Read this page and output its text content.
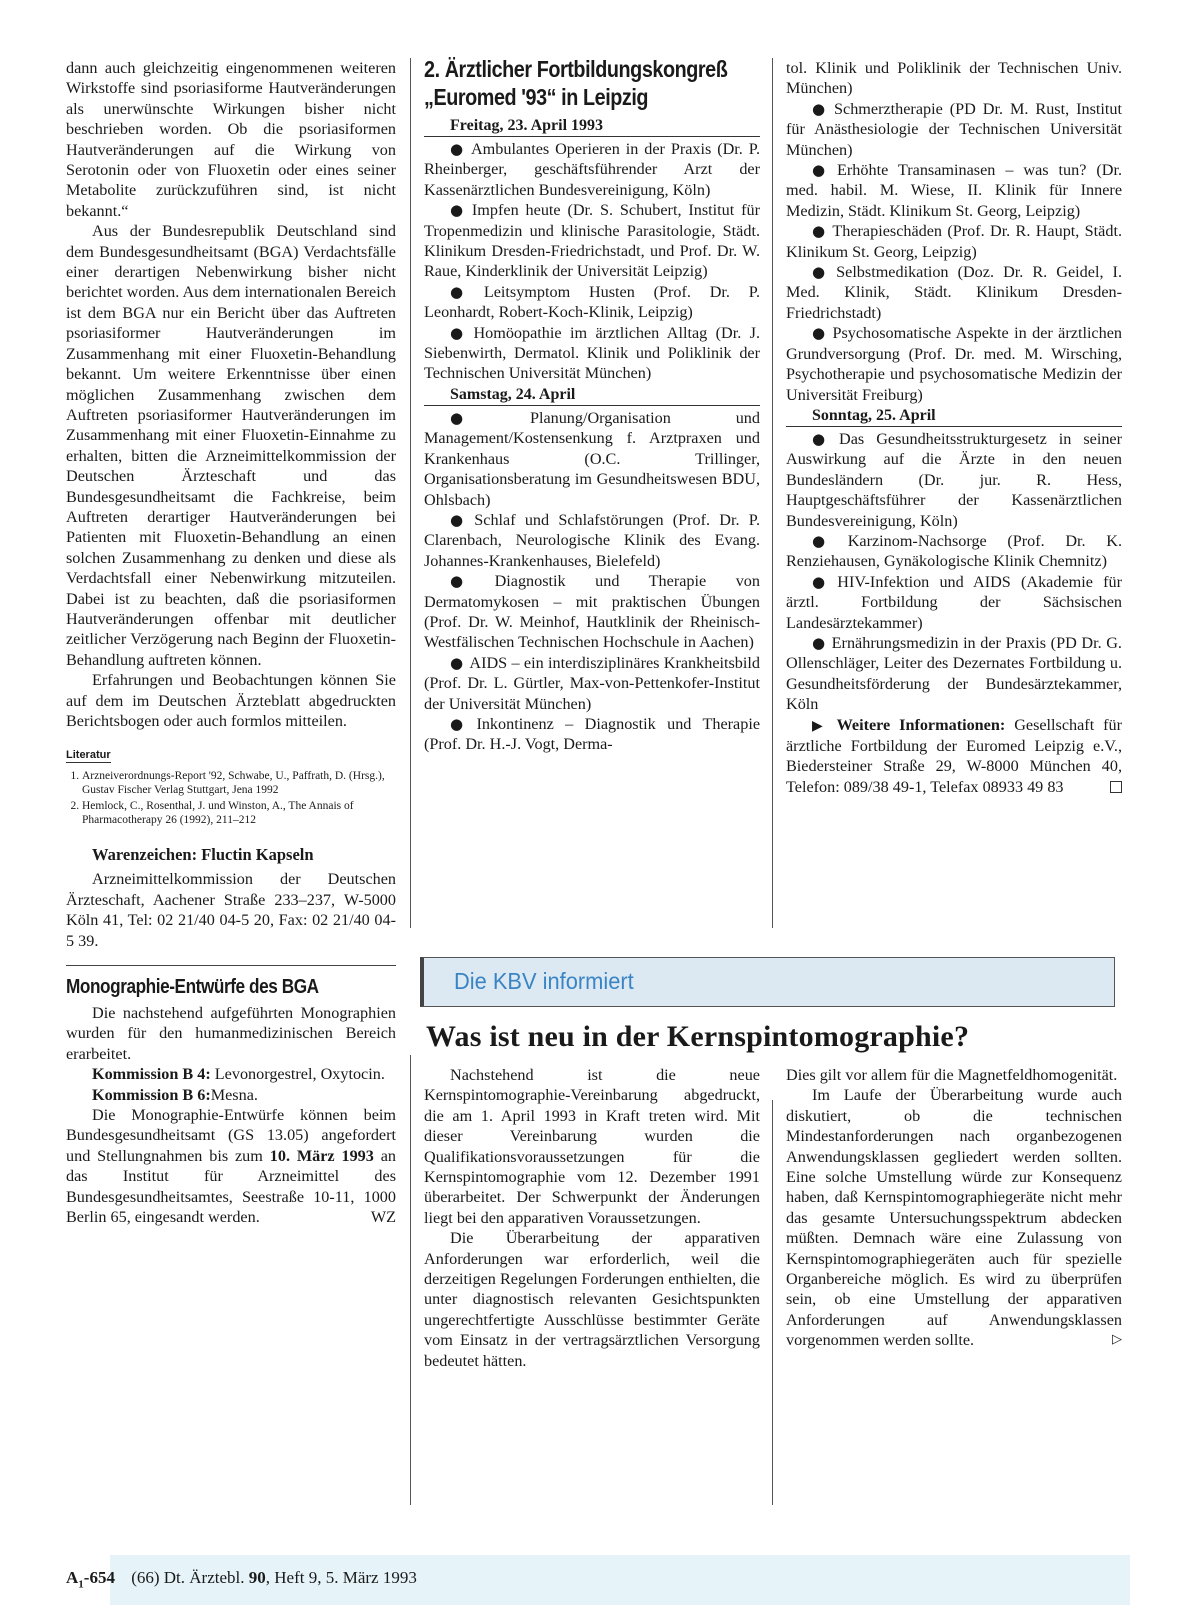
dann auch gleichzeitig eingenommenen weiteren Wirkstoffe sind psoriasiforme Hautveränderungen als unerwünschte Wirkungen bisher nicht beschrieben worden. Ob die psoriasiformen Hautveränderungen auf die Wirkung von Serotonin oder von Fluoxetin oder eines seiner Metabolite zurückzuführen sind, ist nicht bekannt.“

Aus der Bundesrepublik Deutschland sind dem Bundesgesundheitsamt (BGA) Verdachtsfälle einer derartigen Nebenwirkung bisher nicht berichtet worden. Aus dem internationalen Bereich ist dem BGA nur ein Bericht über das Auftreten psoriasiformer Hautveränderungen im Zusammenhang mit einer Fluoxetin-Behandlung bekannt. Um weitere Erkenntnisse über einen möglichen Zusammenhang zwischen dem Auftreten psoriasiformer Hautveränderungen im Zusammenhang mit einer Fluoxetin-Einnahme zu erhalten, bitten die Arzneimittelkommission der Deutschen Ärzteschaft und das Bundesgesundheitsamt die Fachkreise, beim Auftreten derartiger Hautveränderungen bei Patienten mit Fluoxetin-Behandlung an einen solchen Zusammenhang zu denken und diese als Verdachtsfall einer Nebenwirkung mitzuteilen. Dabei ist zu beachten, daß die psoriasiformen Hautveränderungen offenbar mit deutlicher zeitlicher Verzögerung nach Beginn der Fluoxetin-Behandlung auftreten können.

Erfahrungen und Beobachtungen können Sie auf dem im Deutschen Ärzteblatt abgedruckten Berichtsbogen oder auch formlos mitteilen.

Literatur
1. Arzneiverordnungs-Report '92, Schwabe, U., Paffrath, D. (Hrsg.), Gustav Fischer Verlag Stuttgart, Jena 1992
2. Hemlock, C., Rosenthal, J. und Winston, A., The Annais of Pharmacotherapy 26 (1992), 211–212
Warenzeichen: Fluctin Kapseln

Arzneimittelkommission der Deutschen Ärzteschaft, Aachener Straße 233–237, W-5000 Köln 41, Tel: 02 21/40 04-5 20, Fax: 02 21/40 04-5 39.

Monographie-Entwürfe des BGA

Die nachstehend aufgeführten Monographien wurden für den humanmedizinischen Bereich erarbeitet.

Kommission B 4: Levonorgestrel, Oxytocin.

Kommission B 6:Mesna.

Die Monographie-Entwürfe können beim Bundesgesundheitsamt (GS 13.05) angefordert und Stellungnahmen bis zum 10. März 1993 an das Institut für Arzneimittel des Bundesgesundheitsamtes, Seestraße 10-11, 1000 Berlin 65, eingesandt werden.	WZ

2. Ärztlicher Fortbildungskongreß
„Euromed '93“ in Leipzig
Freitag, 23. April 1993

● Ambulantes Operieren in der Praxis (Dr. P. Rheinberger, geschäftsführender Arzt der Kassenärztlichen Bundesvereinigung, Köln)

● Impfen heute (Dr. S. Schubert, Institut für Tropenmedizin und klinische Parasitologie, Städt. Klinikum Dresden-Friedrichstadt, und Prof. Dr. W. Raue, Kinderklinik der Universität Leipzig)

● Leitsymptom Husten (Prof. Dr. P. Leonhardt, Robert-Koch-Klinik, Leipzig)

● Homöopathie im ärztlichen Alltag (Dr. J. Siebenwirth, Dermatol. Klinik und Poliklinik der Technischen Universität München)

Samstag, 24. April

● Planung/Organisation und Management/Kostensenkung f. Arztpraxen und Krankenhaus (O.C. Trillinger, Organisationsberatung im Gesundheitswesen BDU, Ohlsbach)

● Schlaf und Schlafstörungen (Prof. Dr. P. Clarenbach, Neurologische Klinik des Evang. Johannes-Krankenhauses, Bielefeld)

● Diagnostik und Therapie von Dermatomykosen – mit praktischen Übungen (Prof. Dr. W. Meinhof, Hautklinik der Rheinisch-Westfälischen Technischen Hochschule in Aachen)

● AIDS – ein interdisziplinäres Krankheitsbild (Prof. Dr. L. Gürtler, Max-von-Pettenkofer-Institut der Universität München)

● Inkontinenz – Diagnostik und Therapie (Prof. Dr. H.-J. Vogt, Derma-

tol. Klinik und Poliklinik der Technischen Univ. München)

● Schmerztherapie (PD Dr. M. Rust, Institut für Anästhesiologie der Technischen Universität München)

● Erhöhte Transaminasen – was tun? (Dr. med. habil. M. Wiese, II. Klinik für Innere Medizin, Städt. Klinikum St. Georg, Leipzig)

● Therapieschäden (Prof. Dr. R. Haupt, Städt. Klinikum St. Georg, Leipzig)

● Selbstmedikation (Doz. Dr. R. Geidel, I. Med. Klinik, Städt. Klinikum Dresden-Friedrichstadt)

● Psychosomatische Aspekte in der ärztlichen Grundversorgung (Prof. Dr. med. M. Wirsching, Psychotherapie und psychosomatische Medizin der Universität Freiburg)

Sonntag, 25. April

● Das Gesundheitsstrukturgesetz in seiner Auswirkung auf die Ärzte in den neuen Bundesländern (Dr. jur. R. Hess, Hauptgeschäftsführer der Kassenärztlichen Bundesvereinigung, Köln)

● Karzinom-Nachsorge (Prof. Dr. K. Renziehausen, Gynäkologische Klinik Chemnitz)

● HIV-Infektion und AIDS (Akademie für ärztl. Fortbildung der Sächsischen Landesärztekammer)

● Ernährungsmedizin in der Praxis (PD Dr. G. Ollenschläger, Leiter des Dezernates Fortbildung u. Gesundheitsförderung der Bundesärztekammer, Köln

▶ Weitere Informationen: Gesellschaft für ärztliche Fortbildung der Euromed Leipzig e.V., Biedersteiner Straße 29, W-8000 München 40, Telefon: 089/38 49-1, Telefax 08933 49 83

Die KBV informiert
Was ist neu in der Kernspintomographie?

Nachstehend ist die neue Kernspintomographie-Vereinbarung abgedruckt, die am 1. April 1993 in Kraft treten wird. Mit dieser Vereinbarung wurden die Qualifikationsvoraussetzungen für die Kernspintomographie vom 12. Dezember 1991 überarbeitet. Der Schwerpunkt der Änderungen liegt bei den apparativen Voraussetzungen.

Die Überarbeitung der apparativen Anforderungen war erforderlich, weil die derzeitigen Regelungen Forderungen enthielten, die unter diagnostisch relevanten Gesichtspunkten ungerechtfertigte Ausschlüsse bestimmter Geräte vom Einsatz in der vertragsärztlichen Versorgung bedeutet hätten.

Dies gilt vor allem für die Magnetfeldhomogenität.

Im Laufe der Überarbeitung wurde auch diskutiert, ob die technischen Mindestanforderungen nach organbezogenen Anwendungsklassen gegliedert werden sollten. Eine solche Umstellung würde zur Konsequenz haben, daß Kernspintomographiegeräte nicht mehr das gesamte Untersuchungsspektrum abdecken müßten. Demnach wäre eine Zulassung von Kernspintomographiegeräten auch für spezielle Organbereiche möglich. Es wird zu überprüfen sein, ob eine Umstellung der apparativen Anforderungen auf Anwendungsklassen vorgenommen werden sollte.	▷

$A_1-654$ (66) Dt. Ärztebl. 90, Heft 9, 5. März 1993
